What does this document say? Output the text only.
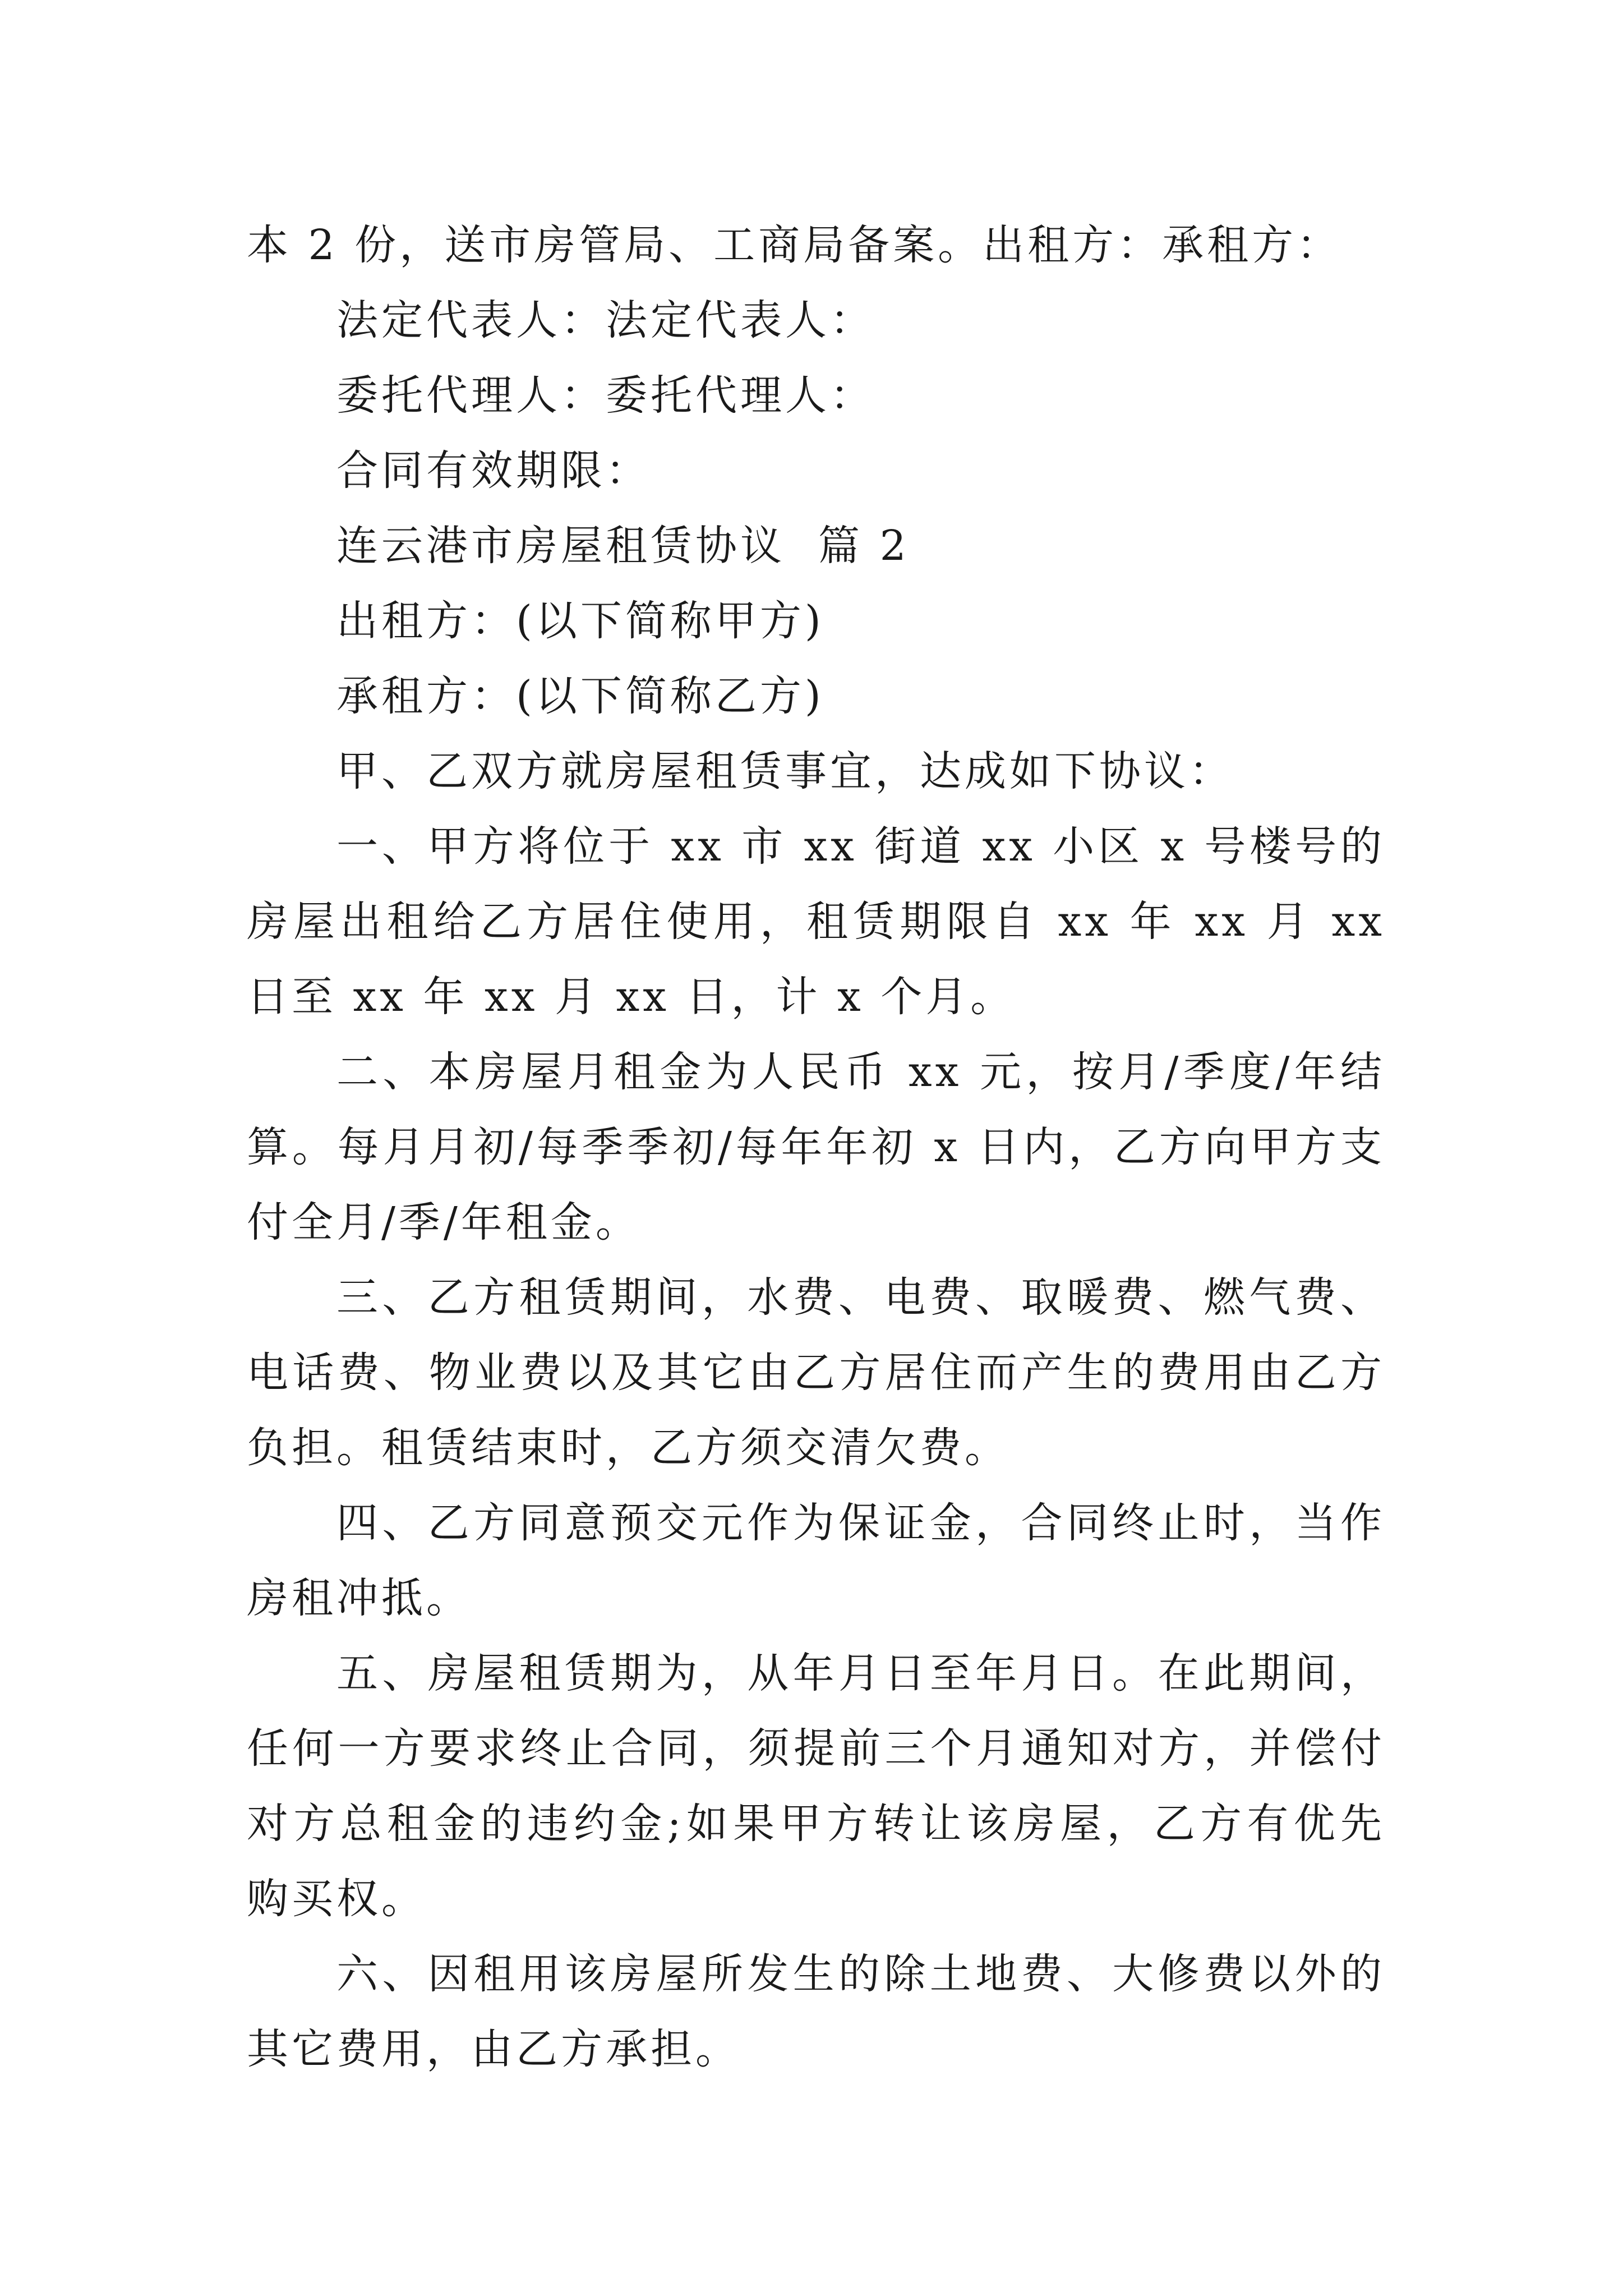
本 2 份，送市房管局、工商局备案。出租方：承租方：

法定代表人：法定代表人：

委托代理人：委托代理人：

合同有效期限：

连云港市房屋租赁协议  篇 2

出租方：(以下简称甲方)

承租方：(以下简称乙方)

甲、乙双方就房屋租赁事宜，达成如下协议：

一、甲方将位于 xx 市 xx 街道 xx 小区 x 号楼号的房屋出租给乙方居住使用，租赁期限自 xx 年 xx 月 xx 日至 xx 年 xx 月 xx 日，计 x 个月。

二、本房屋月租金为人民币 xx 元，按月/季度/年结算。每月月初/每季季初/每年年初 x 日内，乙方向甲方支付全月/季/年租金。

三、乙方租赁期间，水费、电费、取暖费、燃气费、电话费、物业费以及其它由乙方居住而产生的费用由乙方负担。租赁结束时，乙方须交清欠费。

四、乙方同意预交元作为保证金，合同终止时，当作房租冲抵。

五、房屋租赁期为，从年月日至年月日。在此期间，任何一方要求终止合同，须提前三个月通知对方，并偿付对方总租金的违约金;如果甲方转让该房屋，乙方有优先购买权。

六、因租用该房屋所发生的除土地费、大修费以外的其它费用，由乙方承担。
